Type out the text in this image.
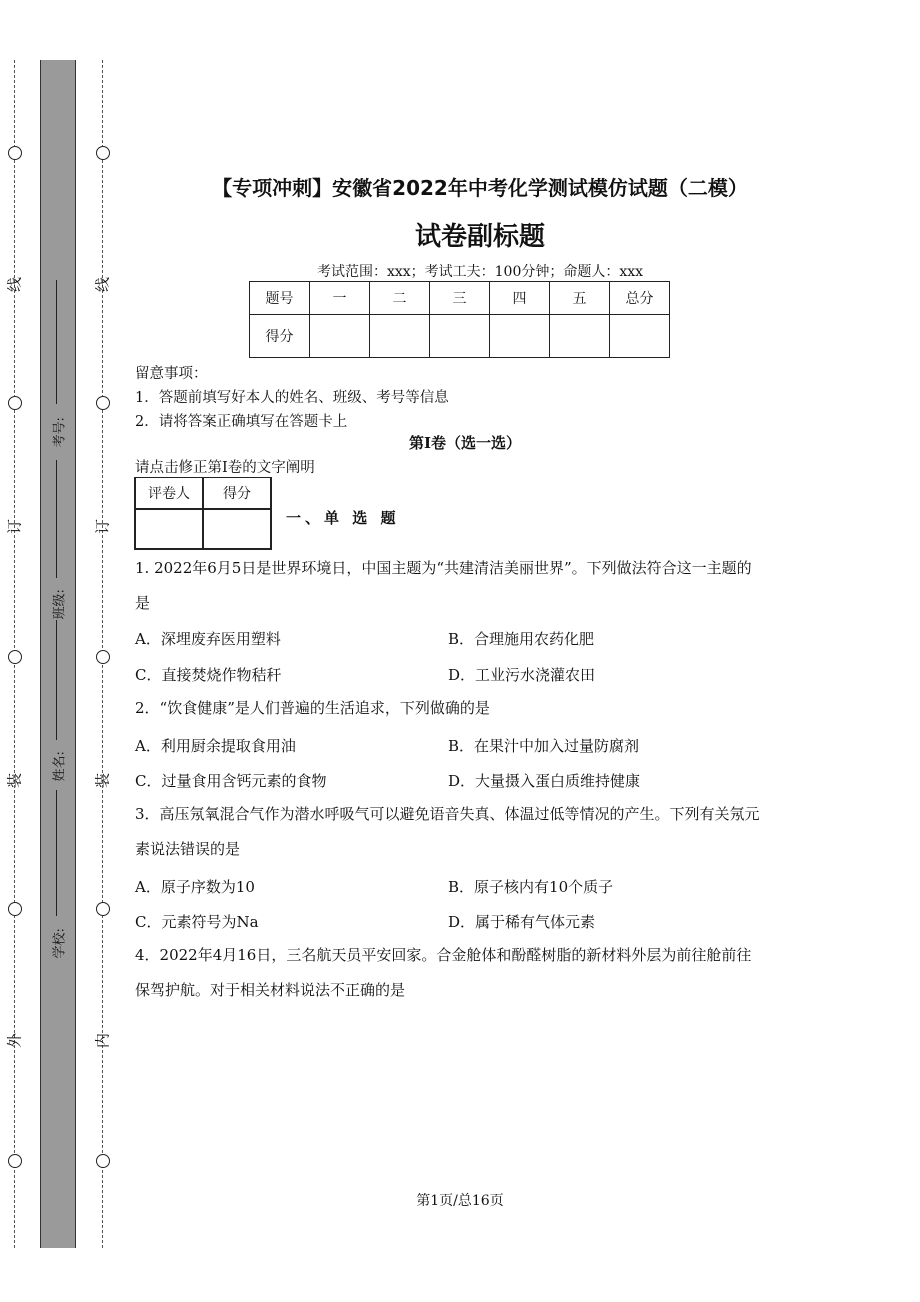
线
订
装
外
线
订
装
内
考号:
班级:
姓名:
学校:
【专项冲刺】安徽省2022年中考化学测试模仿试题（二模）
试卷副标题
考试范围：xxx；考试工夫：100分钟；命题人：xxx
题号	一	二	三	四	五	总分
得分						
留意事项：
1．答题前填写好本人的姓名、班级、考号等信息
2．请将答案正确填写在答题卡上
第I卷（选一选）
请点击修正第I卷的文字阐明
评卷人	得分

一、单 选 题
1. 2022年6月5日是世界环境日，中国主题为“共建清洁美丽世界”。下列做法符合这一主题的
是
A．深埋废弃医用塑料	B．合理施用农药化肥
C．直接焚烧作物秸秆	D．工业污水浇灌农田
2．“饮食健康”是人们普遍的生活追求，下列做确的是
A．利用厨余提取食用油	B．在果汁中加入过量防腐剂
C．过量食用含钙元素的食物	D．大量摄入蛋白质维持健康
3．高压氖氧混合气作为潜水呼吸气可以避免语音失真、体温过低等情况的产生。下列有关氖元
素说法错误的是
A．原子序数为10	B．原子核内有10个质子
C．元素符号为Na	D．属于稀有气体元素
4．2022年4月16日，三名航天员平安回家。合金舱体和酚醛树脂的新材料外层为前往舱前往
保驾护航。对于相关材料说法不正确的是
第1页/总16页
